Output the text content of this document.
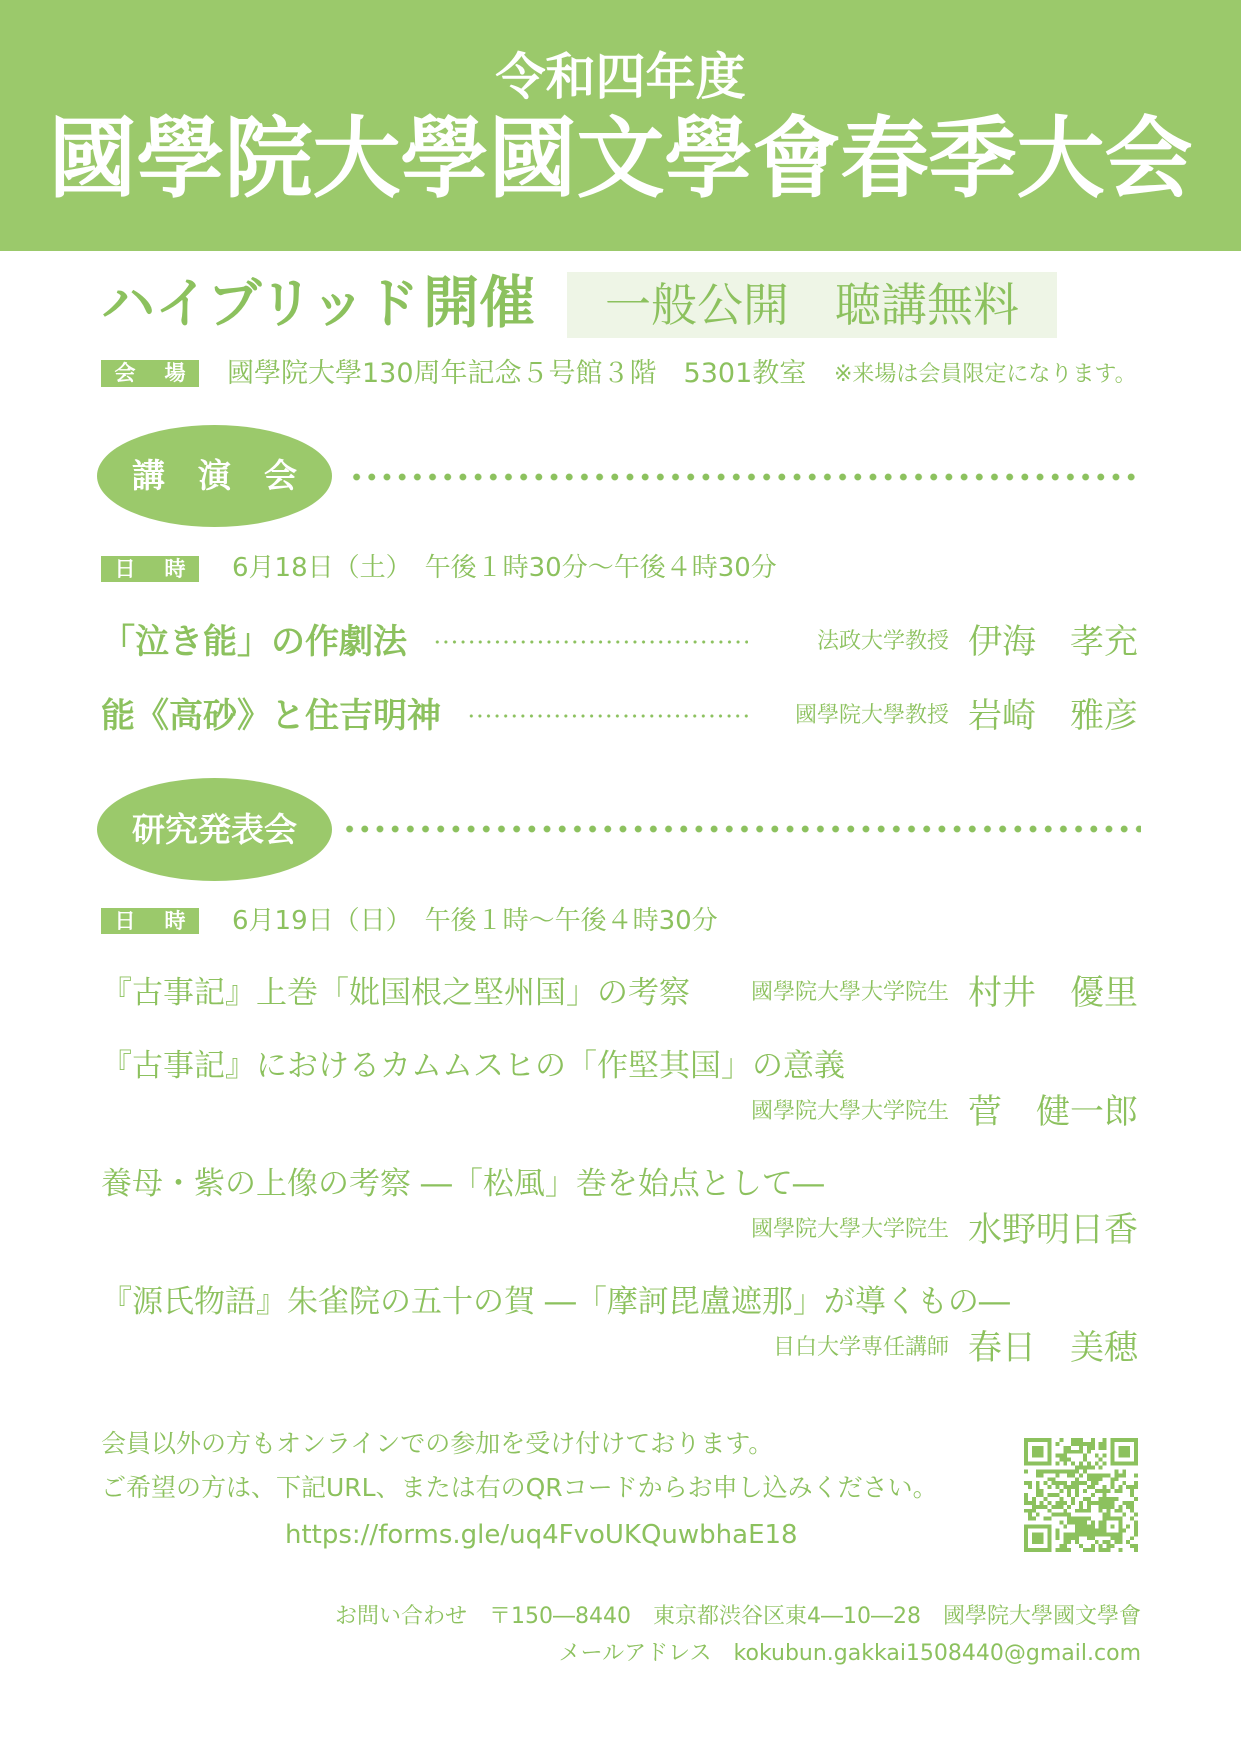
令和四年度
國學院大學國文學會春季大会
ハイブリッド開催	一般公開　聴講無料
会　場	國學院大學130周年記念５号館３階　5301教室 ※来場は会員限定になります。
講　演　会
日　時	6月18日（土）　午後１時30分～午後４時30分
「泣き能」の作劇法	法政大学教授 伊海　孝充
能《高砂》と住吉明神	國學院大學教授 岩崎　雅彦
研究発表会
日　時	6月19日（日）　午後１時～午後４時30分
『古事記』上巻「妣国根之堅州国」の考察	國學院大學大学院生 村井　優里
『古事記』におけるカムムスヒの「作堅其国」の意義
國學院大學大学院生 菅　健一郎
養母・紫の上像の考察 ―「松風」巻を始点として―
國學院大學大学院生 水野明日香
『源氏物語』朱雀院の五十の賀 ―「摩訶毘盧遮那」が導くもの―
目白大学専任講師 春日　美穂
会員以外の方もオンラインでの参加を受け付けております。
ご希望の方は、下記URL、または右のQRコードからお申し込みください。
https://forms.gle/uq4FvoUKQuwbhaE18
お問い合わせ 〒150―8440 東京都渋谷区東4―10―28 國學院大學國文學會
メールアドレス kokubun.gakkai1508440@gmail.com
